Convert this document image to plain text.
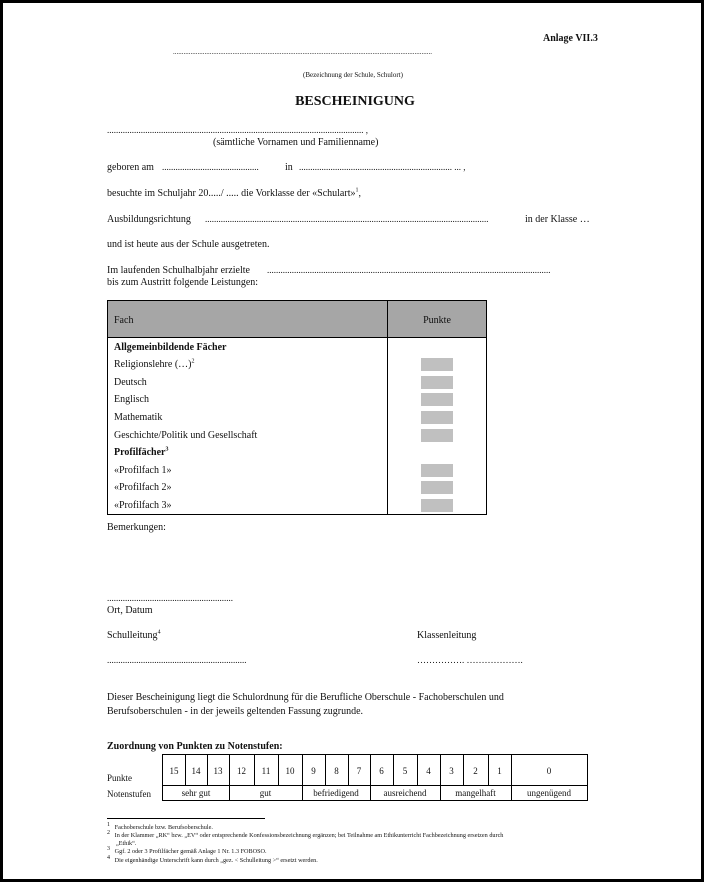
Anlage VII.3
....................................................................................................................................................
(Bezeichnung der Schule, Schulort)
BESCHEINIGUNG
.................................................................................................................. ,
(sämtliche Vornamen und Familienname)
geboren am ...........................................	in .................................................................... ... ,
besuchte im Schuljahr 20...../ ..... die Vorklasse der «Schulart»$^1$,
Ausbildungsrichtung ..............................................................................................................................	in der Klasse …
und ist heute aus der Schule ausgetreten.
Im laufenden Schulhalbjahr erzielte ..............................................................................................................................
bis zum Austritt folgende Leistungen:
Fach	Punkte
Allgemeinbildende Fächer
Religionslehre (…)$^2$
Deutsch
Englisch
Mathematik
Geschichte/Politik und Gesellschaft
Profilfächer$^3$
«Profilfach 1»
«Profilfach 2»
«Profilfach 3»
Bemerkungen:
........................................................
Ort, Datum
Schulleitung$^4$	Klassenleitung
..............................................................	……………. ……………….
Dieser Bescheinigung liegt die Schulordnung für die Berufliche Oberschule - Fachoberschulen und
Berufsoberschulen - in der jeweils geltenden Fassung zugrunde.
Zuordnung von Punkten zu Notenstufen:
Punkte
Notenstufen
15	14	13	12	11	10	9	8	7	6	5	4	3	2	1	0
sehr gut	gut	befriedigend	ausreichend	mangelhaft	ungenügend
$^1$ Fachoberschule bzw. Berufsoberschule.
$^2$ In der Klammer „RK“ bzw. „EV“ oder entsprechende Konfessionsbezeichnung ergänzen; bei Teilnahme am Ethikunterricht Fachbezeichnung ersetzen durch
„Ethik“.
$^3$ Ggf. 2 oder 3 Profilfächer gemäß Anlage 1 Nr. 1.3 FOBOSO.
$^4$ Die eigenhändige Unterschrift kann durch „gez. < Schulleitung >“ ersetzt werden.
